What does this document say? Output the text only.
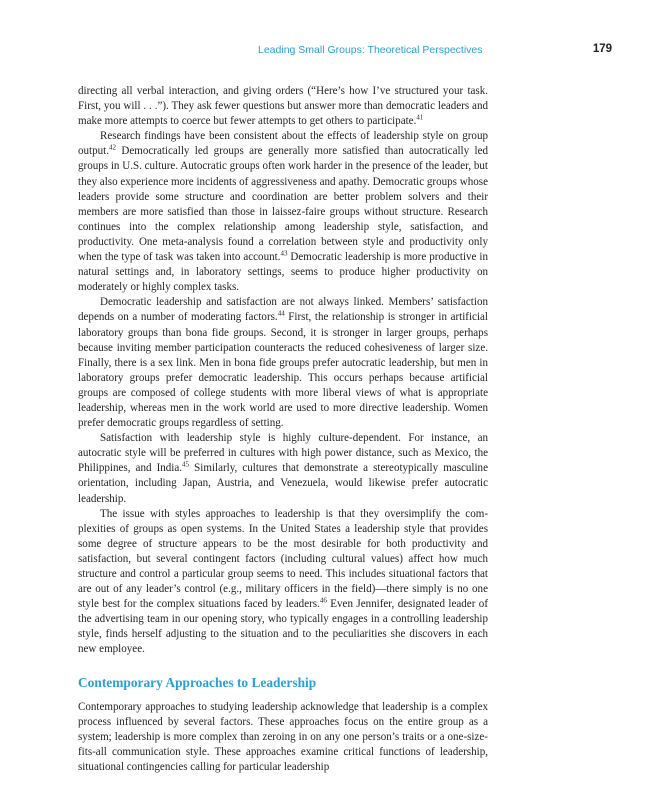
Leading Small Groups: Theoretical Perspectives	179

directing all verbal interaction, and giving orders (“Here’s how I’ve structured your task. First, you will . . .”). They ask fewer questions but answer more than democratic leaders and make more attempts to coerce but fewer attempts to get others to participate.$^{41}$

Research findings have been consistent about the effects of leadership style on group output.$^{42}$ Democratically led groups are generally more satisfied than autocratically led groups in U.S. culture. Autocratic groups often work harder in the presence of the leader, but they also experience more incidents of aggressiveness and apathy. Democratic groups whose leaders provide some structure and coordination are better problem solvers and their members are more satisfied than those in laissez-faire groups without structure. Research continues into the complex relationship among leadership style, satisfaction, and productivity. One meta-analysis found a correlation between style and productivity only when the type of task was taken into account.$^{43}$ Democratic leadership is more productive in natural settings and, in laboratory settings, seems to produce higher productivity on moderately or highly complex tasks.

Democratic leadership and satisfaction are not always linked. Members’ satisfaction depends on a number of moderating factors.$^{44}$ First, the relationship is stronger in artificial laboratory groups than bona fide groups. Second, it is stronger in larger groups, perhaps because inviting member participation counteracts the reduced cohesiveness of larger size. Finally, there is a sex link. Men in bona fide groups prefer autocratic leadership, but men in laboratory groups prefer democratic leadership. This occurs perhaps because artificial groups are composed of college students with more liberal views of what is appropriate leadership, whereas men in the work world are used to more directive leadership. Women prefer democratic groups regardless of setting.

Satisfaction with leadership style is highly culture-dependent. For instance, an autocratic style will be preferred in cultures with high power distance, such as Mexico, the Philippines, and India.$^{45}$ Similarly, cultures that demonstrate a stereotypically masculine orientation, including Japan, Austria, and Venezuela, would likewise prefer autocratic leadership.

The issue with styles approaches to leadership is that they oversimplify the complexities of groups as open systems. In the United States a leadership style that provides some degree of structure appears to be the most desirable for both productivity and satisfaction, but several contingent factors (including cultural values) affect how much structure and control a particular group seems to need. This includes situational factors that are out of any leader’s control (e.g., military officers in the field)—there simply is no one style best for the complex situations faced by leaders.$^{46}$ Even Jennifer, designated leader of the advertising team in our opening story, who typically engages in a controlling leadership style, finds herself adjusting to the situation and to the peculiarities she discovers in each new employee.

Contemporary Approaches to Leadership

Contemporary approaches to studying leadership acknowledge that leadership is a complex process influenced by several factors. These approaches focus on the entire group as a system; leadership is more complex than zeroing in on any one person’s traits or a one-size-fits-all communication style. These approaches examine critical functions of leadership, situational contingencies calling for particular leadership
